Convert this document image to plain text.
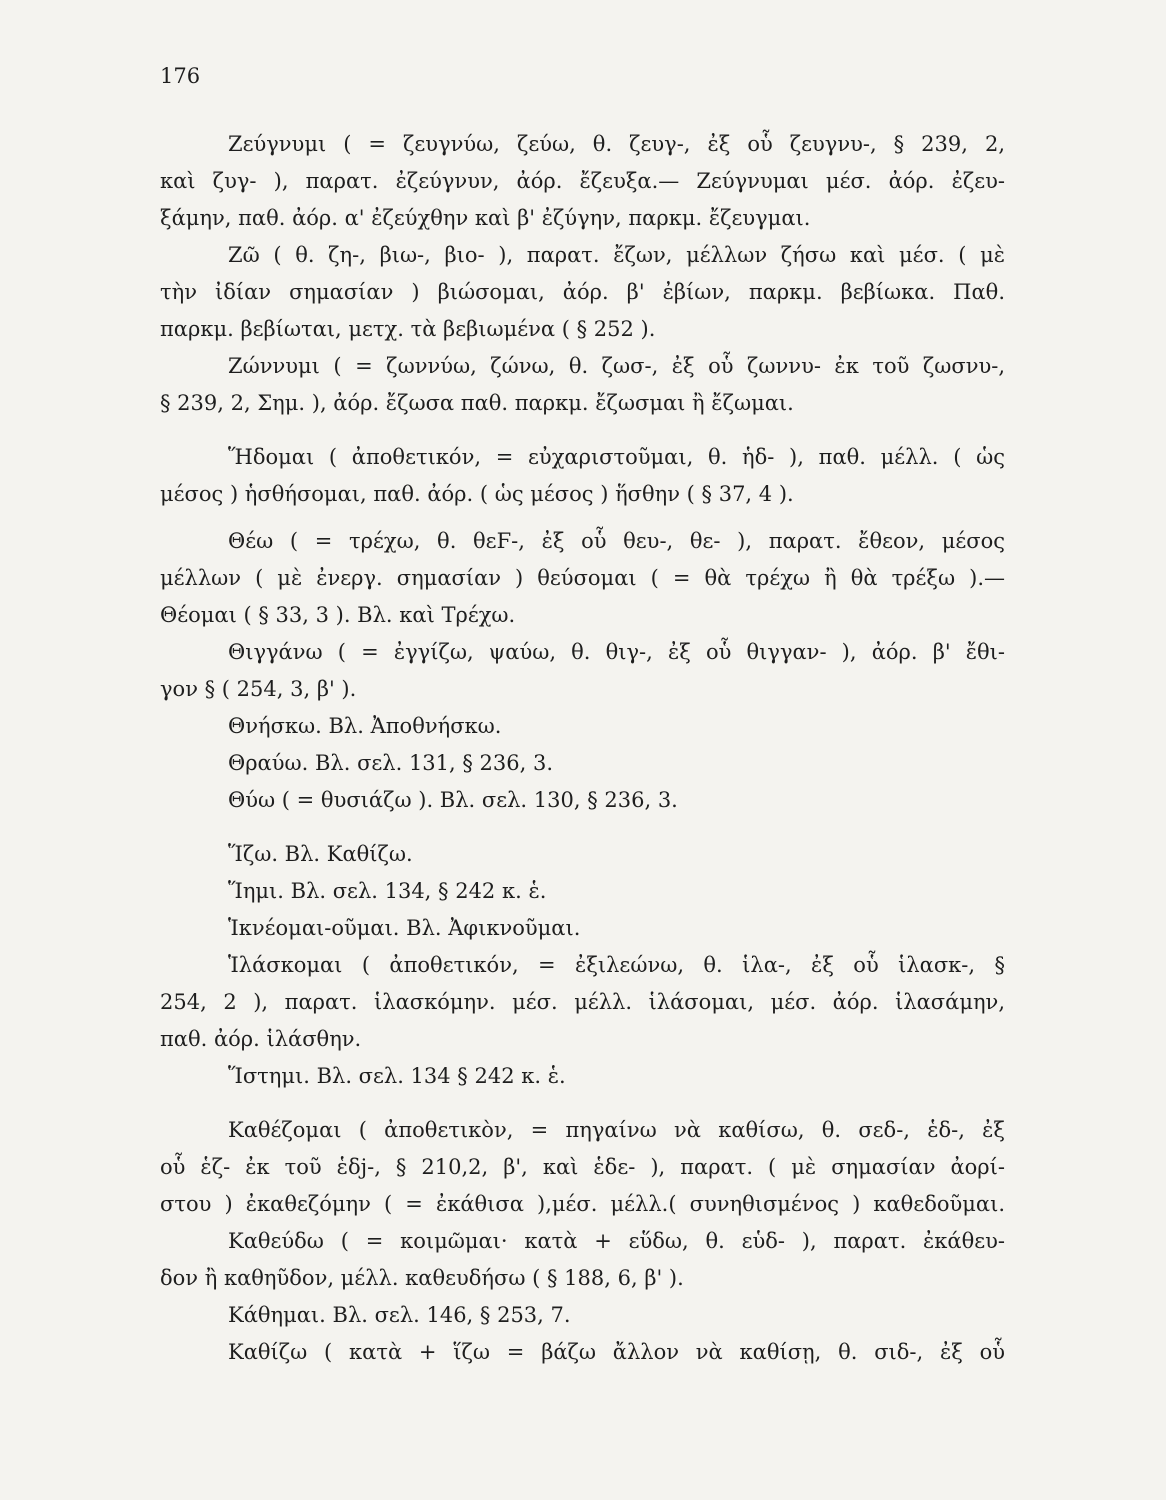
176
Ζεύγνυμι ( = ζευγνύω, ζεύω, θ. ζευγ-, ἐξ οὗ ζευγνυ-, § 239, 2,
καὶ ζυγ- ), παρατ. ἐζεύγνυν, ἀόρ. ἔζευξα.— Ζεύγνυμαι μέσ. ἀόρ. ἐζευ-
ξάμην, παθ. ἀόρ. α' ἐζεύχθην καὶ β' ἐζύγην, παρκμ. ἔζευγμαι.
Ζῶ ( θ. ζη-, βιω-, βιο- ), παρατ. ἔζων, μέλλων ζήσω καὶ μέσ. ( μὲ
τὴν ἰδίαν σημασίαν ) βιώσομαι, ἀόρ. β' ἐβίων, παρκμ. βεβίωκα. Παθ.
παρκμ. βεβίωται, μετχ. τὰ βεβιωμένα ( § 252 ).
Ζώννυμι ( = ζωννύω, ζώνω, θ. ζωσ-, ἐξ οὗ ζωννυ- ἐκ τοῦ ζωσνυ-,
§ 239, 2, Σημ. ), ἀόρ. ἔζωσα παθ. παρκμ. ἔζωσμαι ἢ ἔζωμαι.
Ἥδομαι ( ἀποθετικόν, = εὐχαριστοῦμαι, θ. ἡδ- ), παθ. μέλλ. ( ὡς
μέσος ) ἡσθήσομαι, παθ. ἀόρ. ( ὡς μέσος ) ἥσθην ( § 37, 4 ).
Θέω ( = τρέχω, θ. θεϜ-, ἐξ οὗ θευ-, θε- ), παρατ. ἔθεον, μέσος
μέλλων ( μὲ ἐνεργ. σημασίαν ) θεύσομαι ( = θὰ τρέχω ἢ θὰ τρέξω ).—
Θέομαι ( § 33, 3 ). Βλ. καὶ Τρέχω.
Θιγγάνω ( = ἐγγίζω, ψαύω, θ. θιγ-, ἐξ οὗ θιγγαν- ), ἀόρ. β' ἔθι-
γον § ( 254, 3, β' ).
Θνήσκω. Βλ. Ἀποθνήσκω.
Θραύω. Βλ. σελ. 131, § 236, 3.
Θύω ( = θυσιάζω ). Βλ. σελ. 130, § 236, 3.
Ἵζω. Βλ. Καθίζω.
Ἵημι. Βλ. σελ. 134, § 242 κ. ἑ.
Ἱκνέομαι-οῦμαι. Βλ. Ἀφικνοῦμαι.
Ἱλάσκομαι ( ἀποθετικόν, = ἐξιλεώνω, θ. ἱλα-, ἐξ οὗ ἱλασκ-, §
254, 2 ), παρατ. ἱλασκόμην. μέσ. μέλλ. ἱλάσομαι, μέσ. ἀόρ. ἱλασάμην,
παθ. ἀόρ. ἱλάσθην.
Ἵστημι. Βλ. σελ. 134 § 242 κ. ἑ.
Καθέζομαι ( ἀποθετικὸν, = πηγαίνω νὰ καθίσω, θ. σεδ-, ἑδ-, ἐξ
οὗ ἑζ- ἐκ τοῦ ἑδj-, § 210,2, β', καὶ ἑδε- ), παρατ. ( μὲ σημασίαν ἀορί-
στου ) ἐκαθεζόμην ( = ἐκάθισα ),μέσ. μέλλ.( συνηθισμένος ) καθεδοῦμαι.
Καθεύδω ( = κοιμῶμαι· κατὰ + εὕδω, θ. εὑδ- ), παρατ. ἐκάθευ-
δον ἢ καθηῦδον, μέλλ. καθευδήσω ( § 188, 6, β' ).
Κάθημαι. Βλ. σελ. 146, § 253, 7.
Καθίζω ( κατὰ + ἵζω = βάζω ἄλλον νὰ καθίσῃ, θ. σιδ-, ἐξ οὗ
